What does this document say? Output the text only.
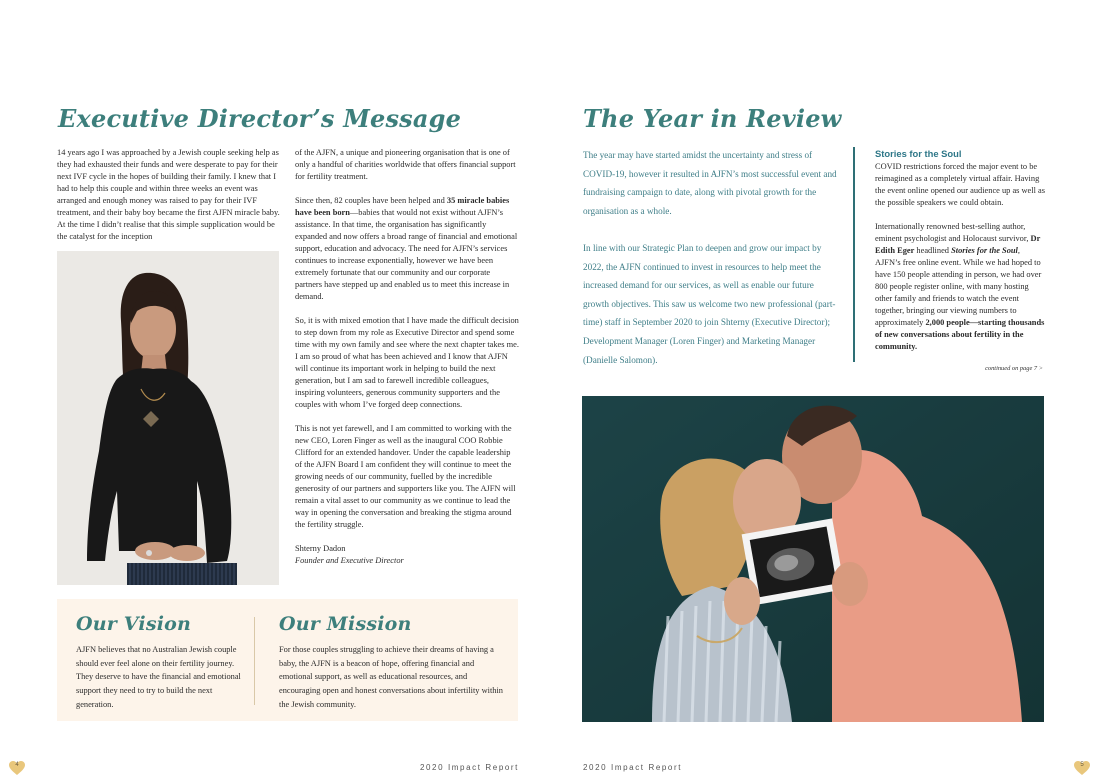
Executive Director’s Message

14 years ago I was approached by a Jewish couple seeking help as they had exhausted their funds and were desperate to pay for their next IVF cycle in the hopes of building their family. I knew that I had to help this couple and within three weeks an event was arranged and enough money was raised to pay for their IVF treatment, and their baby boy became the first AJFN miracle baby. At the time I didn’t realise that this simple supplication would be the catalyst for the inception

of the AJFN, a unique and pioneering organisation that is one of only a handful of charities worldwide that offers financial support for fertility treatment.

Since then, 82 couples have been helped and 35 miracle babies have been born—babies that would not exist without AJFN’s assistance. In that time, the organisation has significantly expanded and now offers a broad range of financial and emotional support, education and advocacy. The need for AJFN’s services continues to increase exponentially, however we have been extremely fortunate that our community and our corporate partners have stepped up and enabled us to meet this increase in demand.

So, it is with mixed emotion that I have made the difficult decision to step down from my role as Executive Director and spend some time with my own family and see where the next chapter takes me. I am so proud of what has been achieved and I know that AJFN will continue its important work in helping to build the next generation, but I am sad to farewell incredible colleagues, inspiring volunteers, generous community supporters and the couples with whom I’ve forged deep connections.

This is not yet farewell, and I am committed to working with the new CEO, Loren Finger as well as the inaugural COO Robbie Clifford for an extended handover. Under the capable leadership of the AJFN Board I am confident they will continue to meet the growing needs of our community, fuelled by the incredible generosity of our partners and supporters like you. The AJFN will remain a vital asset to our community as we continue to lead the way in opening the conversation and breaking the stigma around the fertility struggle.

Shterny Dadon

Founder and Executive Director

Our Vision

AJFN believes that no Australian Jewish couple should ever feel alone on their fertility journey. They deserve to have the financial and emotional support they need to try to build the next generation.

Our Mission

For those couples struggling to achieve their dreams of having a baby, the AJFN is a beacon of hope, offering financial and emotional support, as well as educational resources, and encouraging open and honest conversations about infertility within the Jewish community.

4	2020 Impact Report
The Year in Review

The year may have started amidst the uncertainty and stress of COVID-19, however it resulted in AJFN’s most successful event and fundraising campaign to date, along with pivotal growth for the organisation as a whole.

In line with our Strategic Plan to deepen and grow our impact by 2022, the AJFN continued to invest in resources to help meet the increased demand for our services, as well as enable our future growth objectives. This saw us welcome two new professional (part-time) staff in September 2020 to join Shterny (Executive Director); Development Manager (Loren Finger) and Marketing Manager (Danielle Salomon).

Stories for the Soul

COVID restrictions forced the major event to be reimagined as a completely virtual affair. Having the event online opened our audience up as well as the possible speakers we could obtain.

Internationally renowned best-selling author, eminent psychologist and Holocaust survivor, Dr Edith Eger headlined Stories for the Soul, AJFN’s free online event. While we had hoped to have 150 people attending in person, we had over 800 people register online, with many hosting other family and friends to watch the event together, bringing our viewing numbers to approximately 2,000 people—starting thousands of new conversations about fertility in the community.

continued on page 7 >
2020 Impact Report	5
